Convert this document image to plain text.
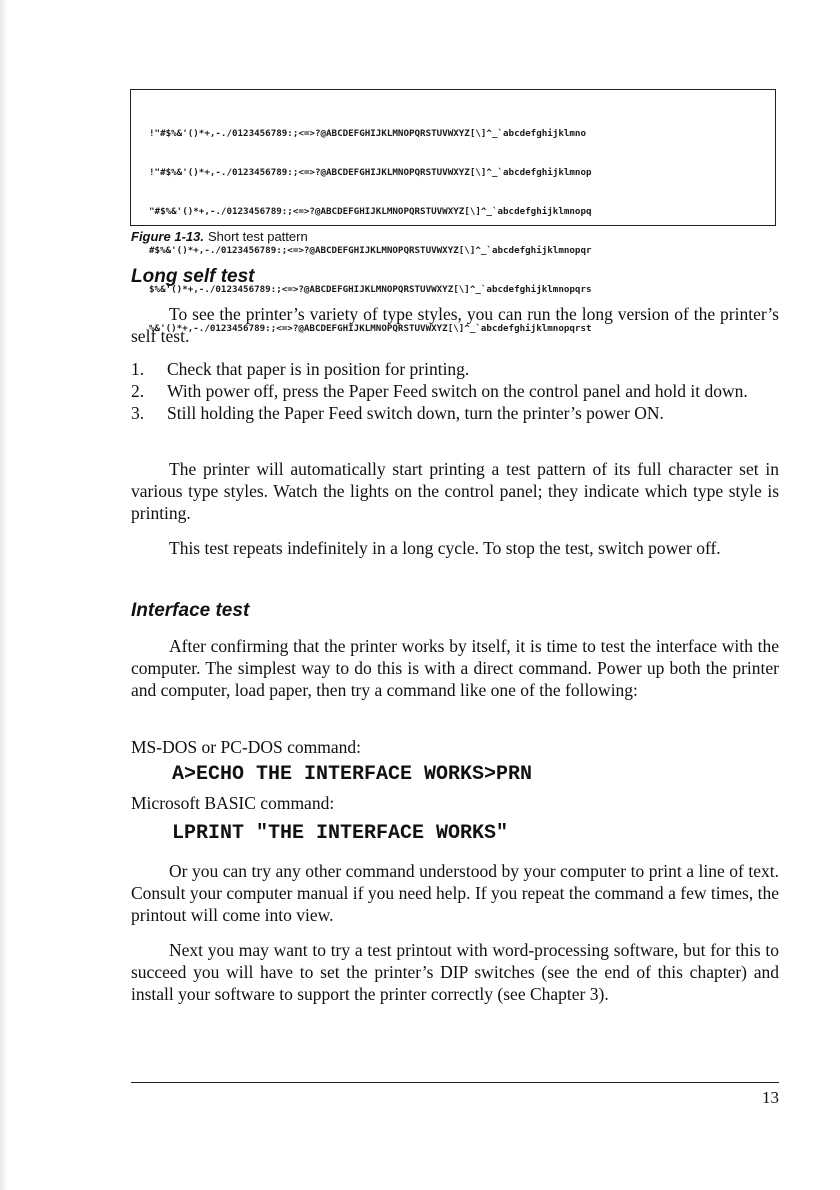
!"#$%&'()*+,-./0123456789:;<=>?@ABCDEFGHIJKLMNOPQRSTUVWXYZ[\]^_`abcdefghijklmno

!"#$%&'()*+,-./0123456789:;<=>?@ABCDEFGHIJKLMNOPQRSTUVWXYZ[\]^_`abcdefghijklmnop

"#$%&'()*+,-./0123456789:;<=>?@ABCDEFGHIJKLMNOPQRSTUVWXYZ[\]^_`abcdefghijklmnopq

#$%&'()*+,-./0123456789:;<=>?@ABCDEFGHIJKLMNOPQRSTUVWXYZ[\]^_`abcdefghijklmnopqr

$%&'()*+,-./0123456789:;<=>?@ABCDEFGHIJKLMNOPQRSTUVWXYZ[\]^_`abcdefghijklmnopqrs

%&'()*+,-./0123456789:;<=>?@ABCDEFGHIJKLMNOPQRSTUVWXYZ[\]^_`abcdefghijklmnopqrst

Figure 1-13. Short test pattern
Long self test

To see the printer’s variety of type styles, you can run the long version of the printer’s self test.

1.	Check that paper is in position for printing.
2.	With power off, press the Paper Feed switch on the control panel and hold it down.
3.	Still holding the Paper Feed switch down, turn the printer’s power ON.

The printer will automatically start printing a test pattern of its full character set in various type styles. Watch the lights on the control panel; they indicate which type style is printing.

This test repeats indefinitely in a long cycle. To stop the test, switch power off.

Interface test

After confirming that the printer works by itself, it is time to test the interface with the computer. The simplest way to do this is with a direct command. Power up both the printer and computer, load paper, then try a command like one of the following:

MS-DOS or PC-DOS command:

A>ECHO THE INTERFACE WORKS>PRN

Microsoft BASIC command:

LPRINT "THE INTERFACE WORKS"

Or you can try any other command understood by your computer to print a line of text. Consult your computer manual if you need help. If you repeat the command a few times, the printout will come into view.

Next you may want to try a test printout with word-processing software, but for this to succeed you will have to set the printer’s DIP switches (see the end of this chapter) and install your software to support the printer correctly (see Chapter 3).

13
